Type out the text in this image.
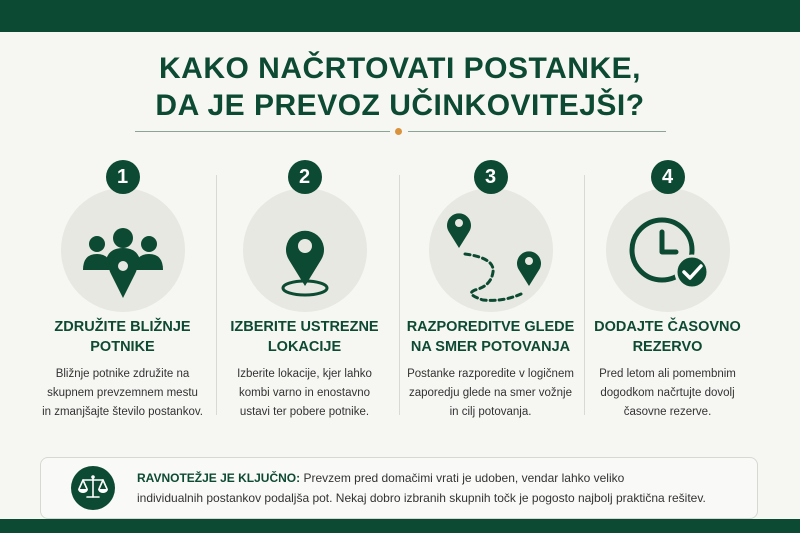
KAKO NAČRTOVATI POSTANKE,
DA JE PREVOZ UČINKOVITEJŠI?
1
ZDRUŽITE BLIŽNJE
POTNIKE
Bližnje potnike združite na
skupnem prevzemnem mestu
in zmanjšajte število postankov.
2
IZBERITE USTREZNE
LOKACIJE
Izberite lokacije, kjer lahko
kombi varno in enostavno
ustavi ter pobere potnike.
3
RAZPOREDITVE GLEDE
NA SMER POTOVANJA
Postanke razporedite v logičnem
zaporedju glede na smer vožnje
in cilj potovanja.
4
DODAJTE ČASOVNO
REZERVO
Pred letom ali pomembnim
dogodkom načrtujte dovolj
časovne rezerve.
RAVNOTEŽJE JE KLJUČNO: Prevzem pred domačimi vrati je udoben, vendar lahko veliko
individualnih postankov podaljša pot. Nekaj dobro izbranih skupnih točk je pogosto najbolj praktična rešitev.
